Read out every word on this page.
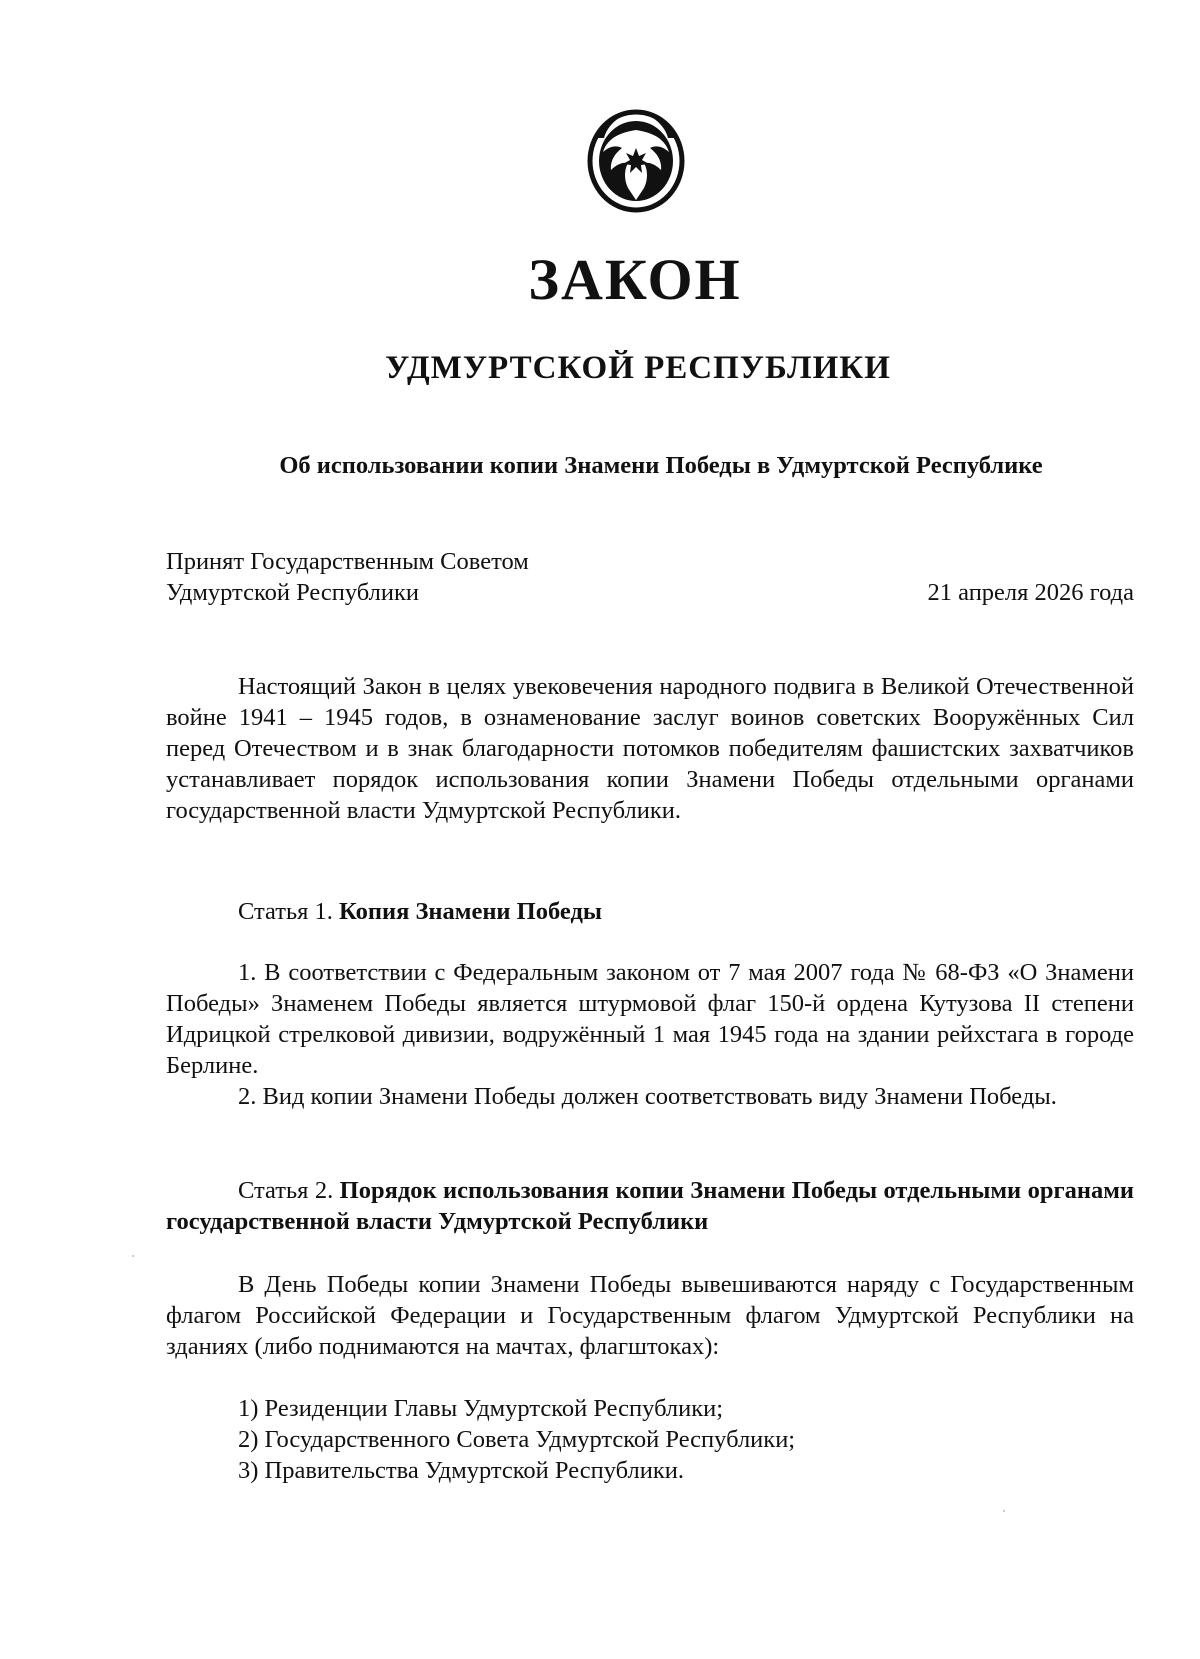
ЗАКОН
УДМУРТСКОЙ РЕСПУБЛИКИ
Об использовании копии Знамени Победы в Удмуртской Республике
Принят Государственным Советом
Удмуртской Республики	21 апреля 2026 года

Настоящий Закон в целях увековечения народного подвига в Великой Отечественной войне 1941 – 1945 годов, в ознаменование заслуг воинов советских Вооружённых Сил перед Отечеством и в знак благодарности потомков победителям фашистских захватчиков устанавливает порядок использования копии Знамени Победы отдельными органами государственной власти Удмуртской Республики.

Статья 1. Копия Знамени Победы

1. В соответствии с Федеральным законом от 7 мая 2007 года № 68-ФЗ «О Знамени Победы» Знаменем Победы является штурмовой флаг 150-й ордена Кутузова II степени Идрицкой стрелковой дивизии, водружённый 1 мая 1945 года на здании рейхстага в городе Берлине.

2. Вид копии Знамени Победы должен соответствовать виду Знамени Победы.

Статья 2. Порядок использования копии Знамени Победы отдельными органами государственной власти Удмуртской Республики

В День Победы копии Знамени Победы вывешиваются наряду с Государственным флагом Российской Федерации и Государственным флагом Удмуртской Республики на зданиях (либо поднимаются на мачтах, флагштоках):

1) Резиденции Главы Удмуртской Республики;
2) Государственного Совета Удмуртской Республики;
3) Правительства Удмуртской Республики.
